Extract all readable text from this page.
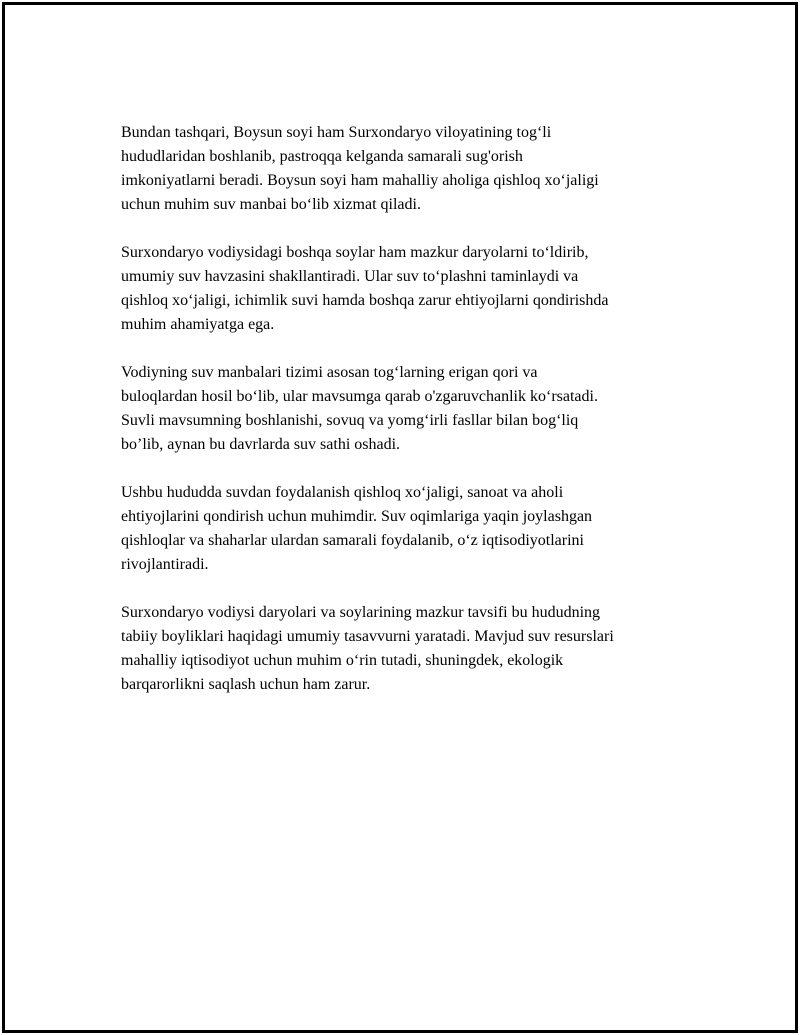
Bundan tashqari, Boysun soyi ham Surxondaryo viloyatining tog‘li
hududlaridan boshlanib, pastroqqa kelganda samarali sug'orish
imkoniyatlarni beradi. Boysun soyi ham mahalliy aholiga qishloq xo‘jaligi
uchun muhim suv manbai bo‘lib xizmat qiladi.

Surxondaryo vodiysidagi boshqa soylar ham mazkur daryolarni to‘ldirib,
umumiy suv havzasini shakllantiradi. Ular suv to‘plashni taminlaydi va
qishloq xo‘jaligi, ichimlik suvi hamda boshqa zarur ehtiyojlarni qondirishda
muhim ahamiyatga ega.

Vodiyning suv manbalari tizimi asosan tog‘larning erigan qori va
buloqlardan hosil bo‘lib, ular mavsumga qarab o'zgaruvchanlik ko‘rsatadi.
Suvli mavsumning boshlanishi, sovuq va yomg‘irli fasllar bilan bog‘liq
bo’lib, aynan bu davrlarda suv sathi oshadi.

Ushbu hududda suvdan foydalanish qishloq xo‘jaligi, sanoat va aholi
ehtiyojlarini qondirish uchun muhimdir. Suv oqimlariga yaqin joylashgan
qishloqlar va shaharlar ulardan samarali foydalanib, o‘z iqtisodiyotlarini
rivojlantiradi.

Surxondaryo vodiysi daryolari va soylarining mazkur tavsifi bu hududning
tabiiy boyliklari haqidagi umumiy tasavvurni yaratadi. Mavjud suv resurslari
mahalliy iqtisodiyot uchun muhim o‘rin tutadi, shuningdek, ekologik
barqarorlikni saqlash uchun ham zarur.
